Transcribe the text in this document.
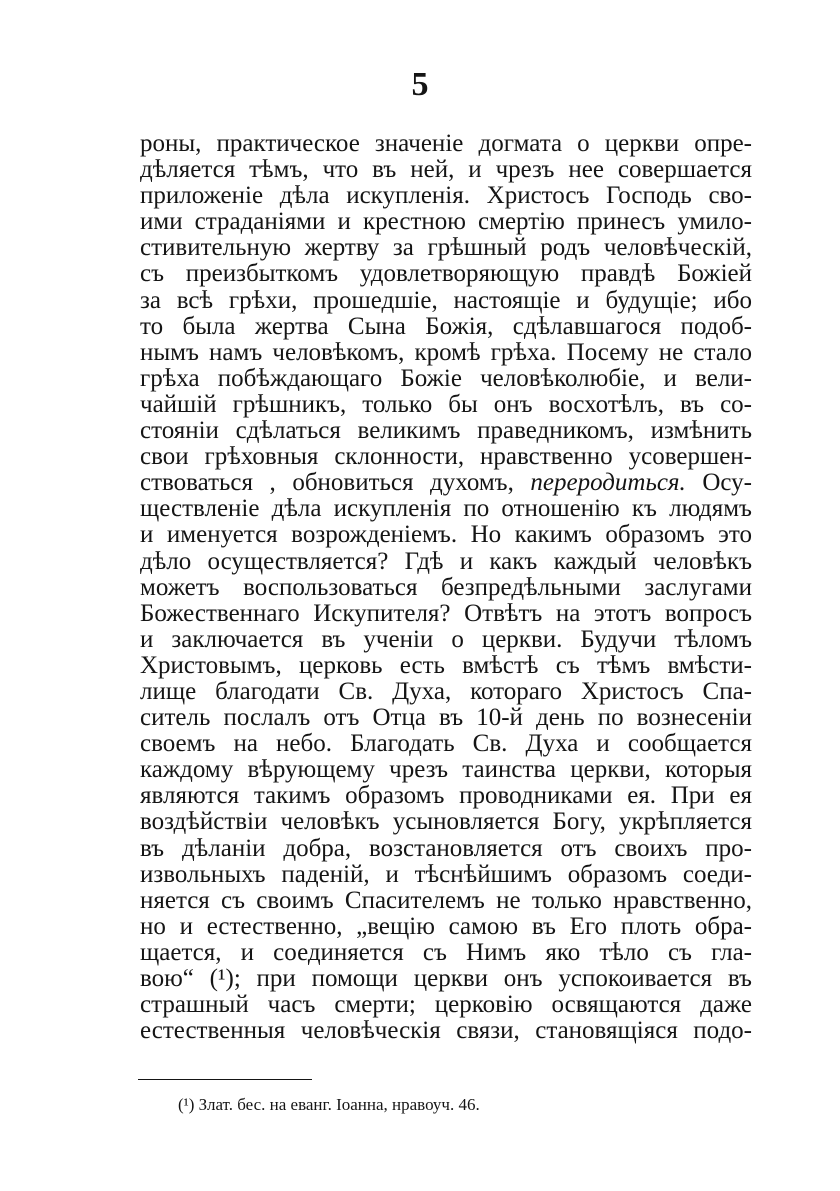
5
роны, практическое значенiе догмата о церкви опре-
дѣляется тѣмъ, что въ ней, и чрезъ нее совершается
приложенiе дѣла искупленiя. Христосъ Господь сво-
ими страданiями и крестною смертiю принесъ умило-
стивительную жертву за грѣшный родъ человѣческiй,
съ преизбыткомъ удовлетворяющую правдѣ Божiей
за всѣ грѣхи, прошедшiе, настоящiе и будущiе; ибо
то была жертва Сына Божiя, сдѣлавшагося подоб-
нымъ намъ человѣкомъ, кромѣ грѣха. Посему не стало
грѣха побѣждающаго Божiе человѣколюбiе, и вели-
чайшiй грѣшникъ, только бы онъ восхотѣлъ, въ со-
стоянiи сдѣлаться великимъ праведникомъ, измѣнить
свои грѣховныя склонности, нравственно усовершен-
ствоваться , обновиться духомъ, переродиться. Осу-
ществленiе дѣла искупленiя по отношенiю къ людямъ
и именуется возрожденiемъ. Но какимъ образомъ это
дѣло осуществляется? Гдѣ и какъ каждый человѣкъ
можетъ воспользоваться безпредѣльными заслугами
Божественнаго Искупителя? Отвѣтъ на этотъ вопросъ
и заключается въ ученiи о церкви. Будучи тѣломъ
Христовымъ, церковь есть вмѣстѣ съ тѣмъ вмѣсти-
лище благодати Св. Духа, котораго Христосъ Спа-
ситель послалъ отъ Отца въ 10-й день по вознесенiи
своемъ на небо. Благодать Св. Духа и сообщается
каждому вѣрующему чрезъ таинства церкви, которыя
являются такимъ образомъ проводниками ея. При ея
воздѣйствiи человѣкъ усыновляется Богу, укрѣпляется
въ дѣланiи добра, возстановляется отъ своихъ про-
извольныхъ паденiй, и тѣснѣйшимъ образомъ соеди-
няется съ своимъ Спасителемъ не только нравственно,
но и естественно, „вещiю самою въ Его плоть обра-
щается, и соединяется съ Нимъ яко тѣло съ гла-
вою“ (¹); при помощи церкви онъ успокоивается въ
страшный часъ смерти; церковiю освящаются даже
естественныя человѣческiя связи, становящiяся подо-
(¹) Злат. бес. на еванг. Iоанна, нравоуч. 46.
